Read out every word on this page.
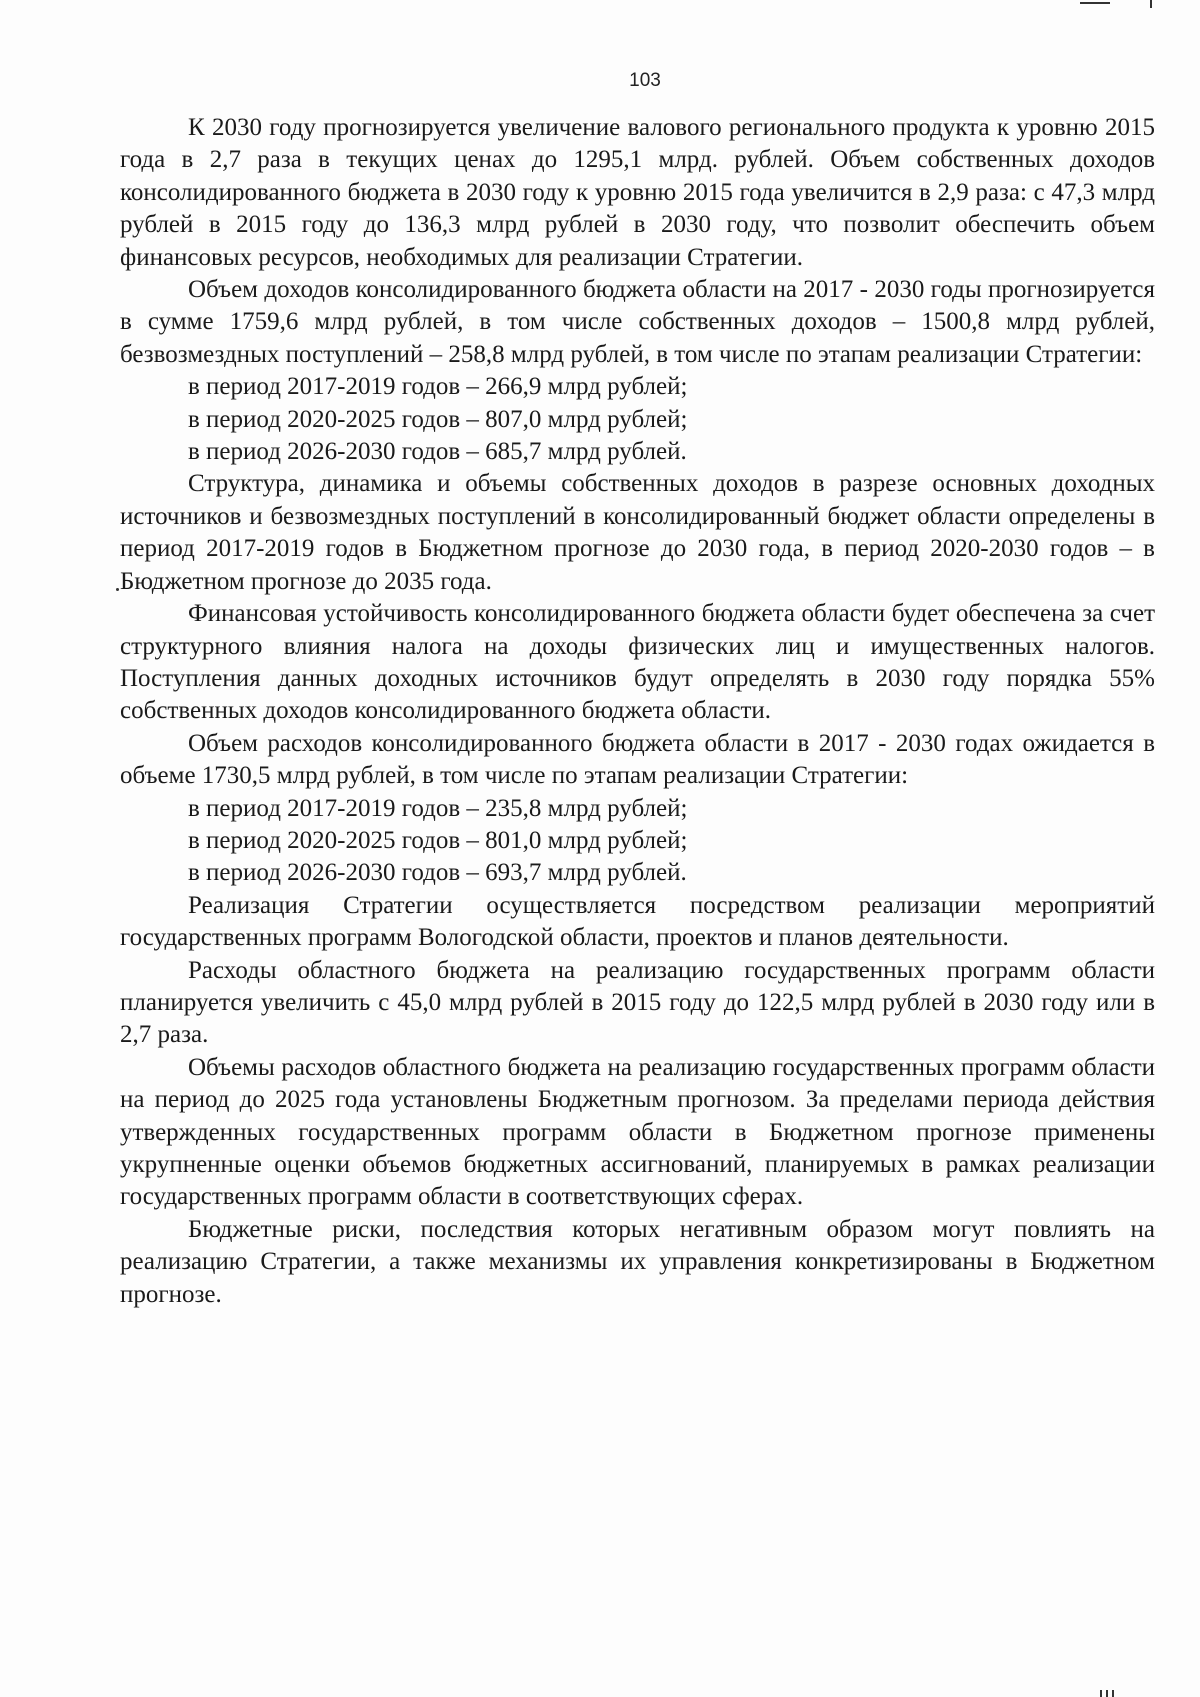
103

К 2030 году прогнозируется увеличение валового регионального продукта к уровню 2015 года в 2,7 раза в текущих ценах до 1295,1 млрд. рублей. Объем собственных доходов консолидированного бюджета в 2030 году к уровню 2015 года увеличится в 2,9 раза: с 47,3 млрд рублей в 2015 году до 136,3 млрд рублей в 2030 году, что позволит обеспечить объем финансовых ресурсов, необходимых для реализации Стратегии.

Объем доходов консолидированного бюджета области на 2017 - 2030 годы прогнозируется в сумме 1759,6 млрд рублей, в том числе собственных доходов – 1500,8 млрд рублей, безвозмездных поступлений – 258,8 млрд рублей, в том числе по этапам реализации Стратегии:

в период 2017-2019 годов – 266,9 млрд рублей;

в период 2020-2025 годов – 807,0 млрд рублей;

в период 2026-2030 годов – 685,7 млрд рублей.

Структура, динамика и объемы собственных доходов в разрезе основных доходных источников и безвозмездных поступлений в консолидированный бюджет области определены в период 2017-2019 годов в Бюджетном прогнозе до 2030 года, в период 2020-2030 годов – в Бюджетном прогнозе до 2035 года.

Финансовая устойчивость консолидированного бюджета области будет обеспечена за счет структурного влияния налога на доходы физических лиц и имущественных налогов. Поступления данных доходных источников будут определять в 2030 году порядка 55% собственных доходов консолидированного бюджета области.

Объем расходов консолидированного бюджета области в 2017 - 2030 годах ожидается в объеме 1730,5 млрд рублей, в том числе по этапам реализации Стратегии:

в период 2017-2019 годов – 235,8 млрд рублей;

в период 2020-2025 годов – 801,0 млрд рублей;

в период 2026-2030 годов – 693,7 млрд рублей.

Реализация Стратегии осуществляется посредством реализации мероприятий государственных программ Вологодской области, проектов и планов деятельности.

Расходы областного бюджета на реализацию государственных программ области планируется увеличить с 45,0 млрд рублей в 2015 году до 122,5 млрд рублей в 2030 году или в 2,7 раза.

Объемы расходов областного бюджета на реализацию государственных программ области на период до 2025 года установлены Бюджетным прогнозом. За пределами периода действия утвержденных государственных программ области в Бюджетном прогнозе применены укрупненные оценки объемов бюджетных ассигнований, планируемых в рамках реализации государственных программ области в соответствующих сферах.

Бюджетные риски, последствия которых негативным образом могут повлиять на реализацию Стратегии, а также механизмы их управления конкретизированы в Бюджетном прогнозе.
